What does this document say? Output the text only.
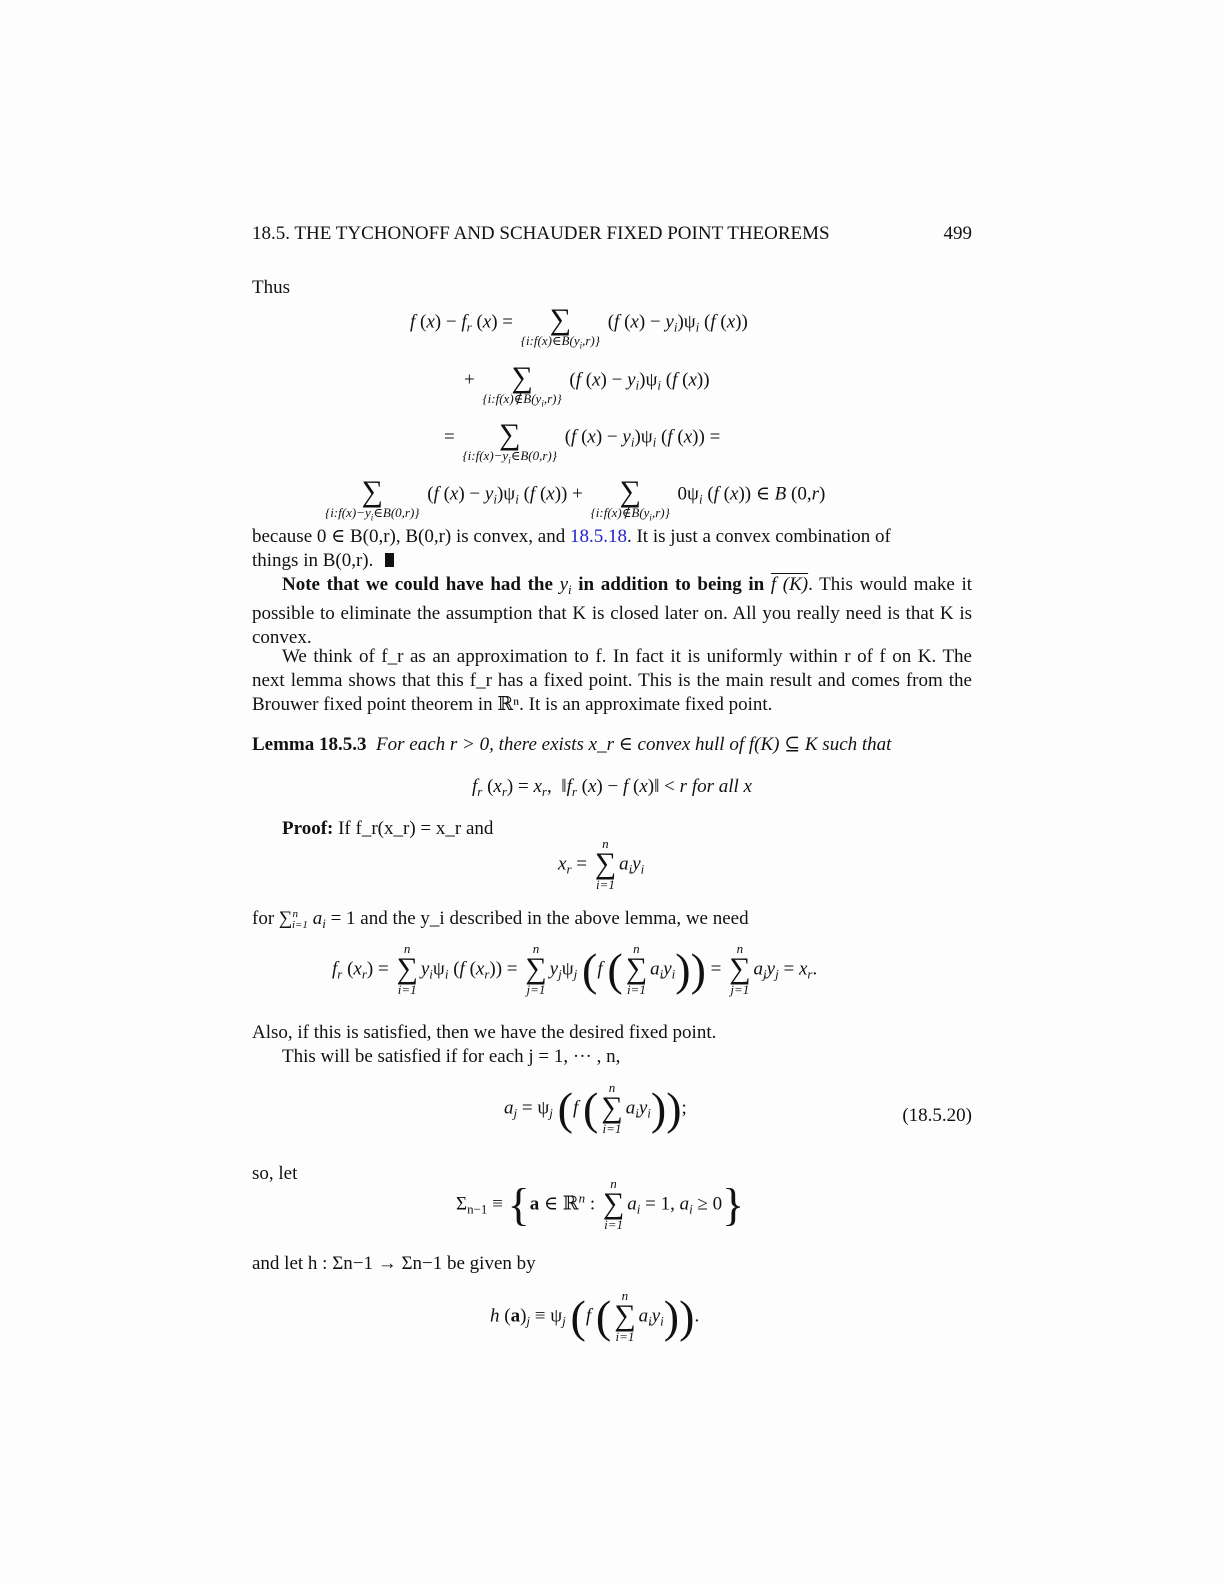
18.5. THE TYCHONOFF AND SCHAUDER FIXED POINT THEOREMS	499
Thus
f $(x) - f_r$ (x) =
∑
$\{i:f(x)\in B(y_i,r)\}$
(f $(x) - y_i)\psi_i$ (f (x))
+
∑
$\{i:f(x)\notin B(y_i,r)\}$
(f $(x) - y_i)\psi_i$ (f (x))
=
∑
$\{i:f(x)-y_i\in B(0,r)\}$
(f $(x) - y_i)\psi_i$ (f (x)) =

∑
$\{i:f(x)-y_i\in B(0,r)\}$
(f $(x) - y_i)\psi_i$ (f (x)) +
∑
$\{i:f(x)\notin B(y_i,r)\}$
$0\psi_i$ (f (x)) ∈ B (0,r)
because 0 ∈ B(0,r), B(0,r) is convex, and 18.5.18. It is just a convex combination of
things in B(0,r).
Note that we could have had the $y_i$ in addition to being in f (K). This would make it possible to eliminate the assumption that K is closed later on. All you really need is that K is convex.
We think of f_r as an approximation to f. In fact it is uniformly within r of f on K. The next lemma shows that this f_r has a fixed point. This is the main result and comes from the Brouwer fixed point theorem in ℝⁿ. It is an approximate fixed point.
Lemma 18.5.3 For each r > 0, there exists x_r ∈ convex hull of f(K) ⊆ K such that
$f_r$ $(x_r) = x_r$,  $‖f_r$ (x) − f (x)‖ < r for all x
Proof: If f_r(x_r) = x_r and
$x_r$ =
n
∑
i=1
$a_iy_i$
for ∑$^n_{i=1}$ $a_i = 1$ and the y_i described in the above lemma, we need
$f_r$ $(x_r)$ =
n
∑
i=1
$y_i\psi_i$ (f $(x_r)$) =
n
∑
j=1
$y_j\psi_j$ (f ( n
∑
i=1
$a_iy_i$)) =
n
∑
j=1
$a_jy_j = x_r$.
Also, if this is satisfied, then we have the desired fixed point.
This will be satisfied if for each j = 1, ··· , n,
$a_j = \psi_j$ (f ( n
∑
i=1
$a_iy_i$));	(18.5.20)
so, let
$\Sigma_{n-1} \equiv \{a$ ∈ ℝ$^n$ :
n
∑
i=1
$a_i = 1$, $a_i \ge 0$}
and let h : Σn−1 → Σn−1 be given by
h $(a)_j \equiv \psi_j$ (f ( n
∑
i=1
$a_iy_i$)).
